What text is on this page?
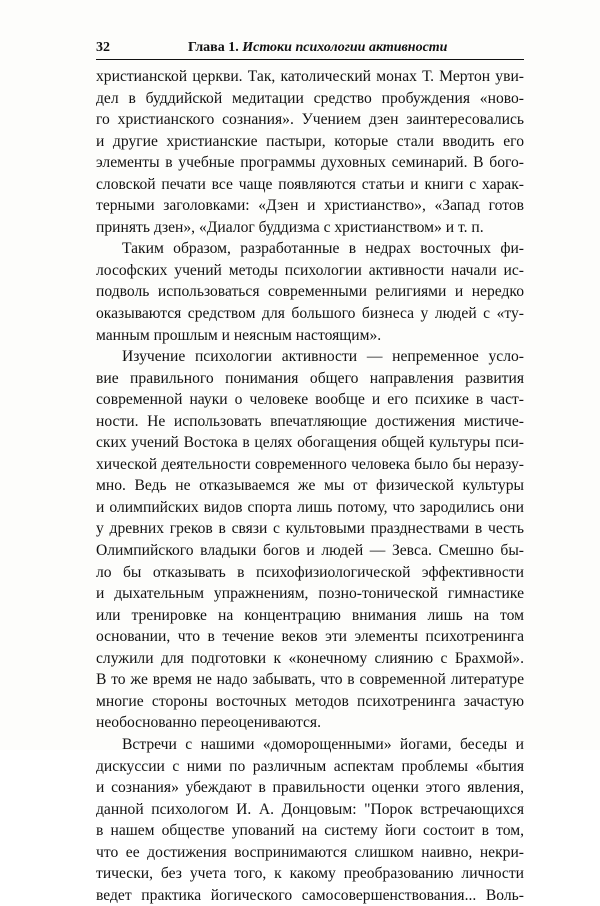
32	Глава 1. Истоки психологии активности
христианской церкви. Так, католический монах Т. Мертон уви-
дел в буддийской медитации средство пробуждения «ново-
го христианского сознания». Учением дзен заинтересовались
и другие христианские пастыри, которые стали вводить его
элементы в учебные программы духовных семинарий. В бого-
словской печати все чаще появляются статьи и книги с харак-
терными заголовками: «Дзен и христианство», «Запад готов
принять дзен», «Диалог буддизма с христианством» и т. п.
Таким образом, разработанные в недрах восточных фи-
лософских учений методы психологии активности начали ис-
подволь использоваться современными религиями и нередко
оказываются средством для большого бизнеса у людей с «ту-
манным прошлым и неясным настоящим».
Изучение психологии активности — непременное усло-
вие правильного понимания общего направления развития
современной науки о человеке вообще и его психике в част-
ности. Не использовать впечатляющие достижения мистиче-
ских учений Востока в целях обогащения общей культуры пси-
хической деятельности современного человека было бы неразу-
мно. Ведь не отказываемся же мы от физической культуры
и олимпийских видов спорта лишь потому, что зародились они
у древних греков в связи с культовыми празднествами в честь
Олимпийского владыки богов и людей — Зевса. Смешно бы-
ло бы отказывать в психофизиологической эффективности
и дыхательным упражнениям, позно-тонической гимнастике
или тренировке на концентрацию внимания лишь на том
основании, что в течение веков эти элементы психотренинга
служили для подготовки к «конечному слиянию с Брахмой».
В то же время не надо забывать, что в современной литературе
многие стороны восточных методов психотренинга зачастую
необоснованно переоцениваются.
Встречи с нашими «доморощенными» йогами, беседы и
дискуссии с ними по различным аспектам проблемы «бытия
и сознания» убеждают в правильности оценки этого явления,
данной психологом И. А. Донцовым: "Порок встречающихся
в нашем обществе упований на систему йоги состоит в том,
что ее достижения воспринимаются слишком наивно, некри-
тически, без учета того, к какому преобразованию личности
ведет практика йогического самосовершенствования... Воль-
